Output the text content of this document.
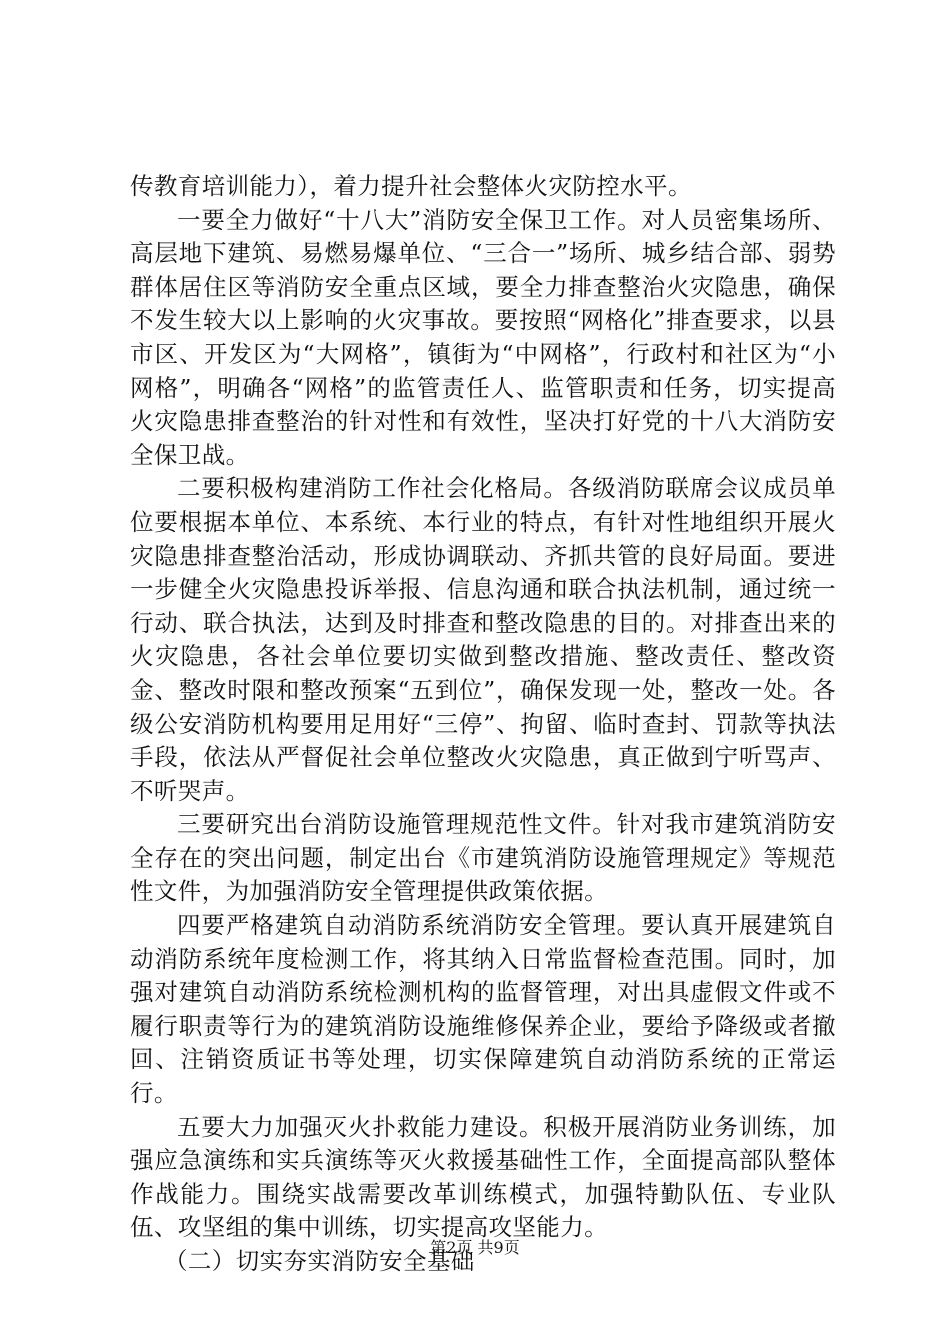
传教育培训能力），着力提升社会整体火灾防控水平。

一要全力做好“十八大”消防安全保卫工作。对人员密集场所、高层地下建筑、易燃易爆单位、“三合一”场所、城乡结合部、弱势群体居住区等消防安全重点区域，要全力排查整治火灾隐患，确保不发生较大以上影响的火灾事故。要按照“网格化”排查要求，以县市区、开发区为“大网格”，镇街为“中网格”，行政村和社区为“小网格”，明确各“网格”的监管责任人、监管职责和任务，切实提高火灾隐患排查整治的针对性和有效性，坚决打好党的十八大消防安全保卫战。

二要积极构建消防工作社会化格局。各级消防联席会议成员单位要根据本单位、本系统、本行业的特点，有针对性地组织开展火灾隐患排查整治活动，形成协调联动、齐抓共管的良好局面。要进一步健全火灾隐患投诉举报、信息沟通和联合执法机制，通过统一行动、联合执法，达到及时排查和整改隐患的目的。对排查出来的火灾隐患，各社会单位要切实做到整改措施、整改责任、整改资金、整改时限和整改预案“五到位”，确保发现一处，整改一处。各级公安消防机构要用足用好“三停”、拘留、临时查封、罚款等执法手段，依法从严督促社会单位整改火灾隐患，真正做到宁听骂声、不听哭声。

三要研究出台消防设施管理规范性文件。针对我市建筑消防安全存在的突出问题，制定出台《市建筑消防设施管理规定》等规范性文件，为加强消防安全管理提供政策依据。

四要严格建筑自动消防系统消防安全管理。要认真开展建筑自动消防系统年度检测工作，将其纳入日常监督检查范围。同时，加强对建筑自动消防系统检测机构的监督管理，对出具虚假文件或不履行职责等行为的建筑消防设施维修保养企业，要给予降级或者撤回、注销资质证书等处理，切实保障建筑自动消防系统的正常运行。

五要大力加强灭火扑救能力建设。积极开展消防业务训练，加强应急演练和实兵演练等灭火救援基础性工作，全面提高部队整体作战能力。围绕实战需要改革训练模式，加强特勤队伍、专业队伍、攻坚组的集中训练，切实提高攻坚能力。

（二）切实夯实消防安全基础

第2页 共9页
